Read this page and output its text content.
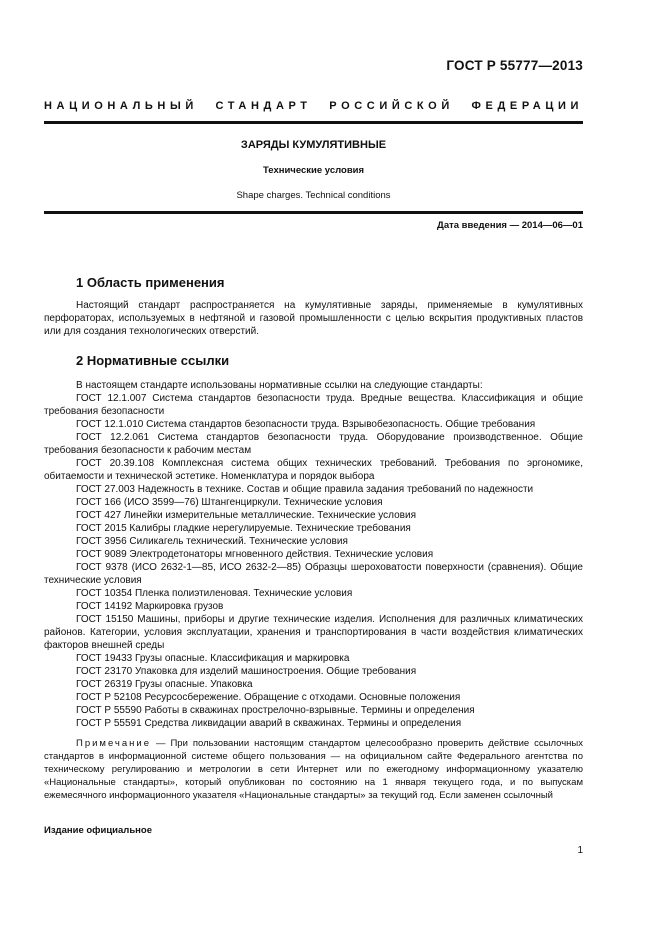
ГОСТ Р 55777—2013
НАЦИОНАЛЬНЫЙ СТАНДАРТ РОССИЙСКОЙ ФЕДЕРАЦИИ
ЗАРЯДЫ КУМУЛЯТИВНЫЕ
Технические условия
Shape charges. Technical conditions
Дата введения — 2014—06—01
1 Область применения

Настоящий стандарт распространяется на кумулятивные заряды, применяемые в кумулятивных перфораторах, используемых в нефтяной и газовой промышленности с целью вскрытия продуктивных пластов или для создания технологических отверстий.

2 Нормативные ссылки

В настоящем стандарте использованы нормативные ссылки на следующие стандарты:

ГОСТ 12.1.007 Система стандартов безопасности труда. Вредные вещества. Классификация и общие требования безопасности

ГОСТ 12.1.010 Система стандартов безопасности труда. Взрывобезопасность. Общие требования

ГОСТ 12.2.061 Система стандартов безопасности труда. Оборудование производственное. Общие требования безопасности к рабочим местам

ГОСТ 20.39.108 Комплексная система общих технических требований. Требования по эргономике, обитаемости и технической эстетике. Номенклатура и порядок выбора

ГОСТ 27.003 Надежность в технике. Состав и общие правила задания требований по надежности

ГОСТ 166 (ИСО 3599—76) Штангенциркули. Технические условия

ГОСТ 427 Линейки измерительные металлические. Технические условия

ГОСТ 2015 Калибры гладкие нерегулируемые. Технические требования

ГОСТ 3956 Силикагель технический. Технические условия

ГОСТ 9089 Электродетонаторы мгновенного действия. Технические условия

ГОСТ 9378 (ИСО 2632-1—85, ИСО 2632-2—85) Образцы шероховатости поверхности (сравнения). Общие технические условия

ГОСТ 10354 Пленка полиэтиленовая. Технические условия

ГОСТ 14192 Маркировка грузов

ГОСТ 15150 Машины, приборы и другие технические изделия. Исполнения для различных климатических районов. Категории, условия эксплуатации, хранения и транспортирования в части воздействия климатических факторов внешней среды

ГОСТ 19433 Грузы опасные. Классификация и маркировка

ГОСТ 23170 Упаковка для изделий машиностроения. Общие требования

ГОСТ 26319 Грузы опасные. Упаковка

ГОСТ Р 52108 Ресурсосбережение. Обращение с отходами. Основные положения

ГОСТ Р 55590 Работы в скважинах прострелочно-взрывные. Термины и определения

ГОСТ Р 55591 Средства ликвидации аварий в скважинах. Термины и определения

Примечание — При пользовании настоящим стандартом целесообразно проверить действие ссылочных стандартов в информационной системе общего пользования — на официальном сайте Федерального агентства по техническому регулированию и метрологии в сети Интернет или по ежегодному информационному указателю «Национальные стандарты», который опубликован по состоянию на 1 января текущего года, и по выпускам ежемесячного информационного указателя «Национальные стандарты» за текущий год. Если заменен ссылочный

Издание официальное
1
